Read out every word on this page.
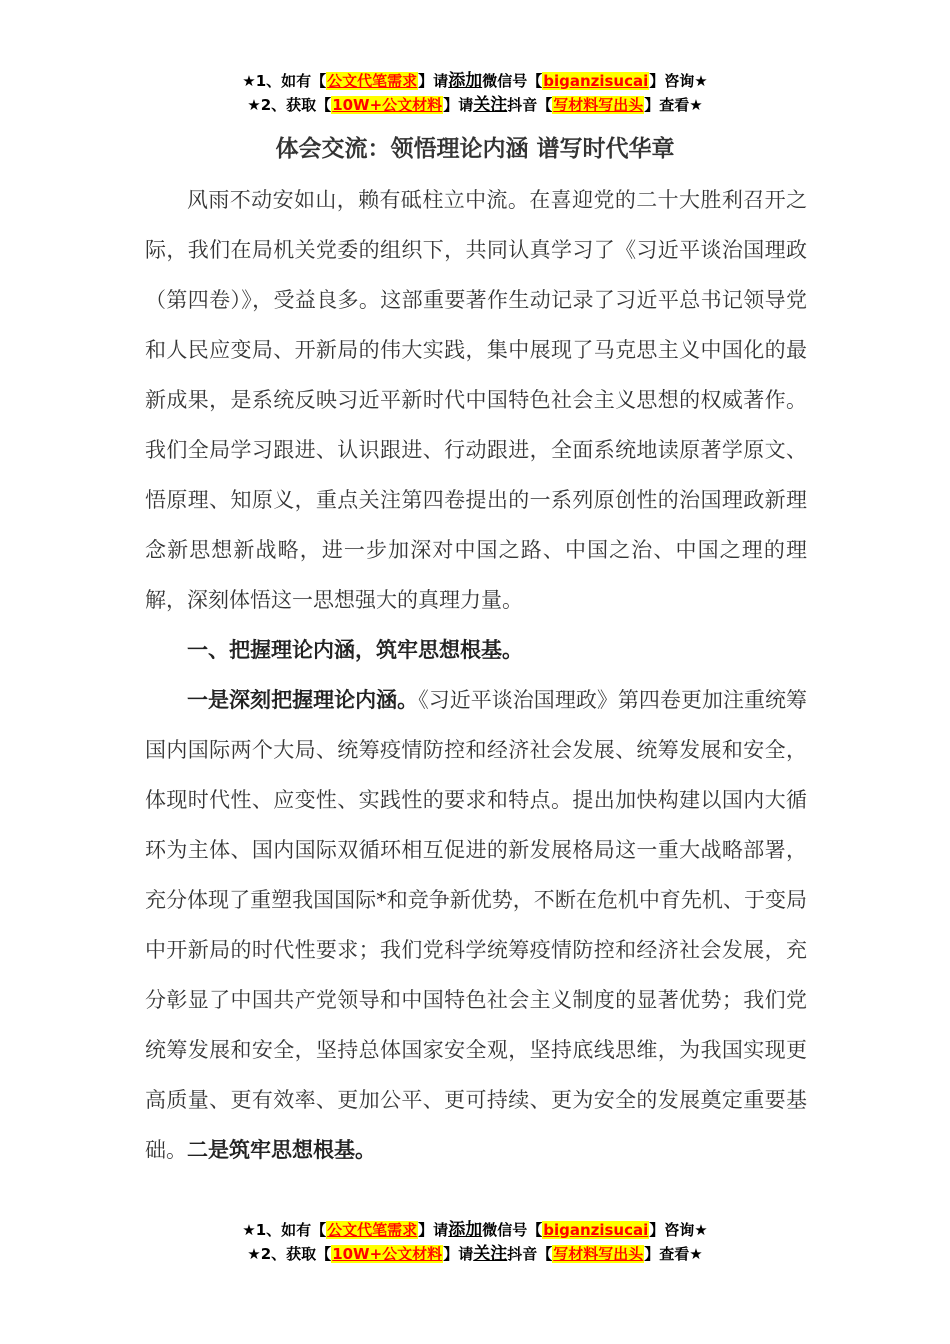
★1、如有【公文代笔需求】请添加微信号【biganzisucai】咨询★
★2、获取【10W+公文材料】请关注抖音【写材料写出头】查看★
体会交流：领悟理论内涵 谱写时代华章

风雨不动安如山，赖有砥柱立中流。在喜迎党的二十大胜利召开之际，我们在局机关党委的组织下，共同认真学习了《习近平谈治国理政（第四卷）》，受益良多。这部重要著作生动记录了习近平总书记领导党和人民应变局、开新局的伟大实践，集中展现了马克思主义中国化的最新成果，是系统反映习近平新时代中国特色社会主义思想的权威著作。我们全局学习跟进、认识跟进、行动跟进，全面系统地读原著学原文、悟原理、知原义，重点关注第四卷提出的一系列原创性的治国理政新理念新思想新战略，进一步加深对中国之路、中国之治、中国之理的理解，深刻体悟这一思想强大的真理力量。

一、把握理论内涵，筑牢思想根基。

一是深刻把握理论内涵。《习近平谈治国理政》第四卷更加注重统筹国内国际两个大局、统筹疫情防控和经济社会发展、统筹发展和安全，体现时代性、应变性、实践性的要求和特点。提出加快构建以国内大循环为主体、国内国际双循环相互促进的新发展格局这一重大战略部署，充分体现了重塑我国国际*和竞争新优势，不断在危机中育先机、于变局中开新局的时代性要求；我们党科学统筹疫情防控和经济社会发展，充分彰显了中国共产党领导和中国特色社会主义制度的显著优势；我们党统筹发展和安全，坚持总体国家安全观，坚持底线思维，为我国实现更高质量、更有效率、更加公平、更可持续、更为安全的发展奠定重要基础。二是筑牢思想根基。

★1、如有【公文代笔需求】请添加微信号【biganzisucai】咨询★
★2、获取【10W+公文材料】请关注抖音【写材料写出头】查看★
